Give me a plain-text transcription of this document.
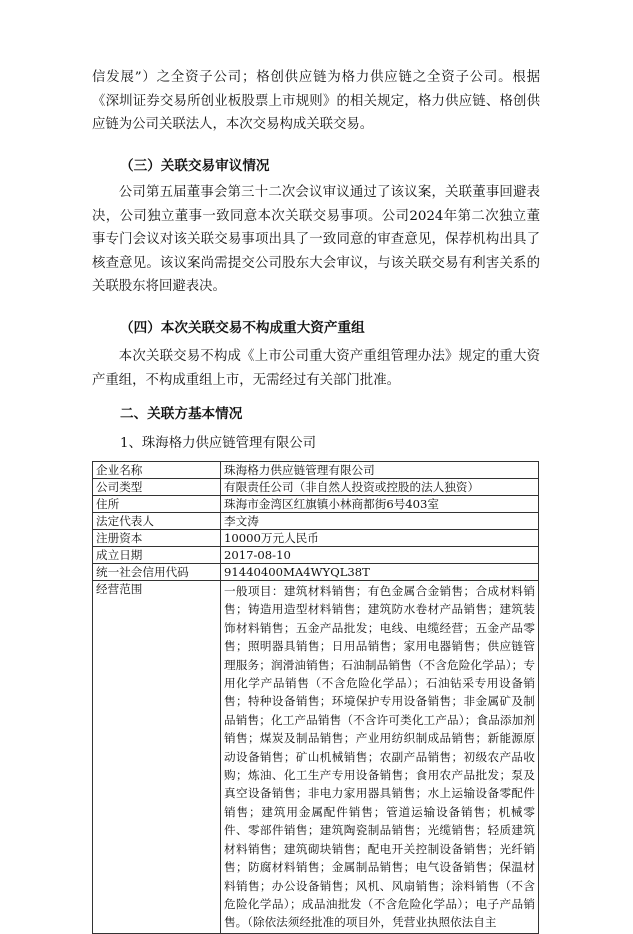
信发展”）之全资子公司；格创供应链为格力供应链之全资子公司。根据《深圳证券交易所创业板股票上市规则》的相关规定，格力供应链、格创供应链为公司关联法人，本次交易构成关联交易。
（三）关联交易审议情况
公司第五届董事会第三十二次会议审议通过了该议案，关联董事回避表决，公司独立董事一致同意本次关联交易事项。公司2024年第二次独立董事专门会议对该关联交易事项出具了一致同意的审查意见，保荐机构出具了核查意见。该议案尚需提交公司股东大会审议，与该关联交易有利害关系的关联股东将回避表决。
（四）本次关联交易不构成重大资产重组
本次关联交易不构成《上市公司重大资产重组管理办法》规定的重大资产重组，不构成重组上市，无需经过有关部门批准。
二、关联方基本情况
1、珠海格力供应链管理有限公司
企业名称	珠海格力供应链管理有限公司
公司类型	有限责任公司（非自然人投资或控股的法人独资）
住所	珠海市金湾区红旗镇小林商都街6号403室
法定代表人	李文涛
注册资本	10000万元人民币
成立日期	2017-08-10
统一社会信用代码	91440400MA4WYQL38T
经营范围	一般项目：建筑材料销售；有色金属合金销售；合成材料销售；铸造用造型材料销售；建筑防水卷材产品销售；建筑装饰材料销售；五金产品批发；电线、电缆经营；五金产品零售；照明器具销售；日用品销售；家用电器销售；供应链管理服务；润滑油销售；石油制品销售（不含危险化学品）；专用化学产品销售（不含危险化学品）；石油钻采专用设备销售；特种设备销售；环境保护专用设备销售；非金属矿及制品销售；化工产品销售（不含许可类化工产品）；食品添加剂销售；煤炭及制品销售；产业用纺织制成品销售；新能源原动设备销售；矿山机械销售；农副产品销售；初级农产品收购；炼油、化工生产专用设备销售；食用农产品批发；泵及真空设备销售；非电力家用器具销售；水上运输设备零配件销售；建筑用金属配件销售；管道运输设备销售；机械零件、零部件销售；建筑陶瓷制品销售；光缆销售；轻质建筑材料销售；建筑砌块销售；配电开关控制设备销售；光纤销售；防腐材料销售；金属制品销售；电气设备销售；保温材料销售；办公设备销售；风机、风扇销售；涂料销售（不含危险化学品）；成品油批发（不含危险化学品）；电子产品销售。（除依法须经批准的项目外，凭营业执照依法自主
